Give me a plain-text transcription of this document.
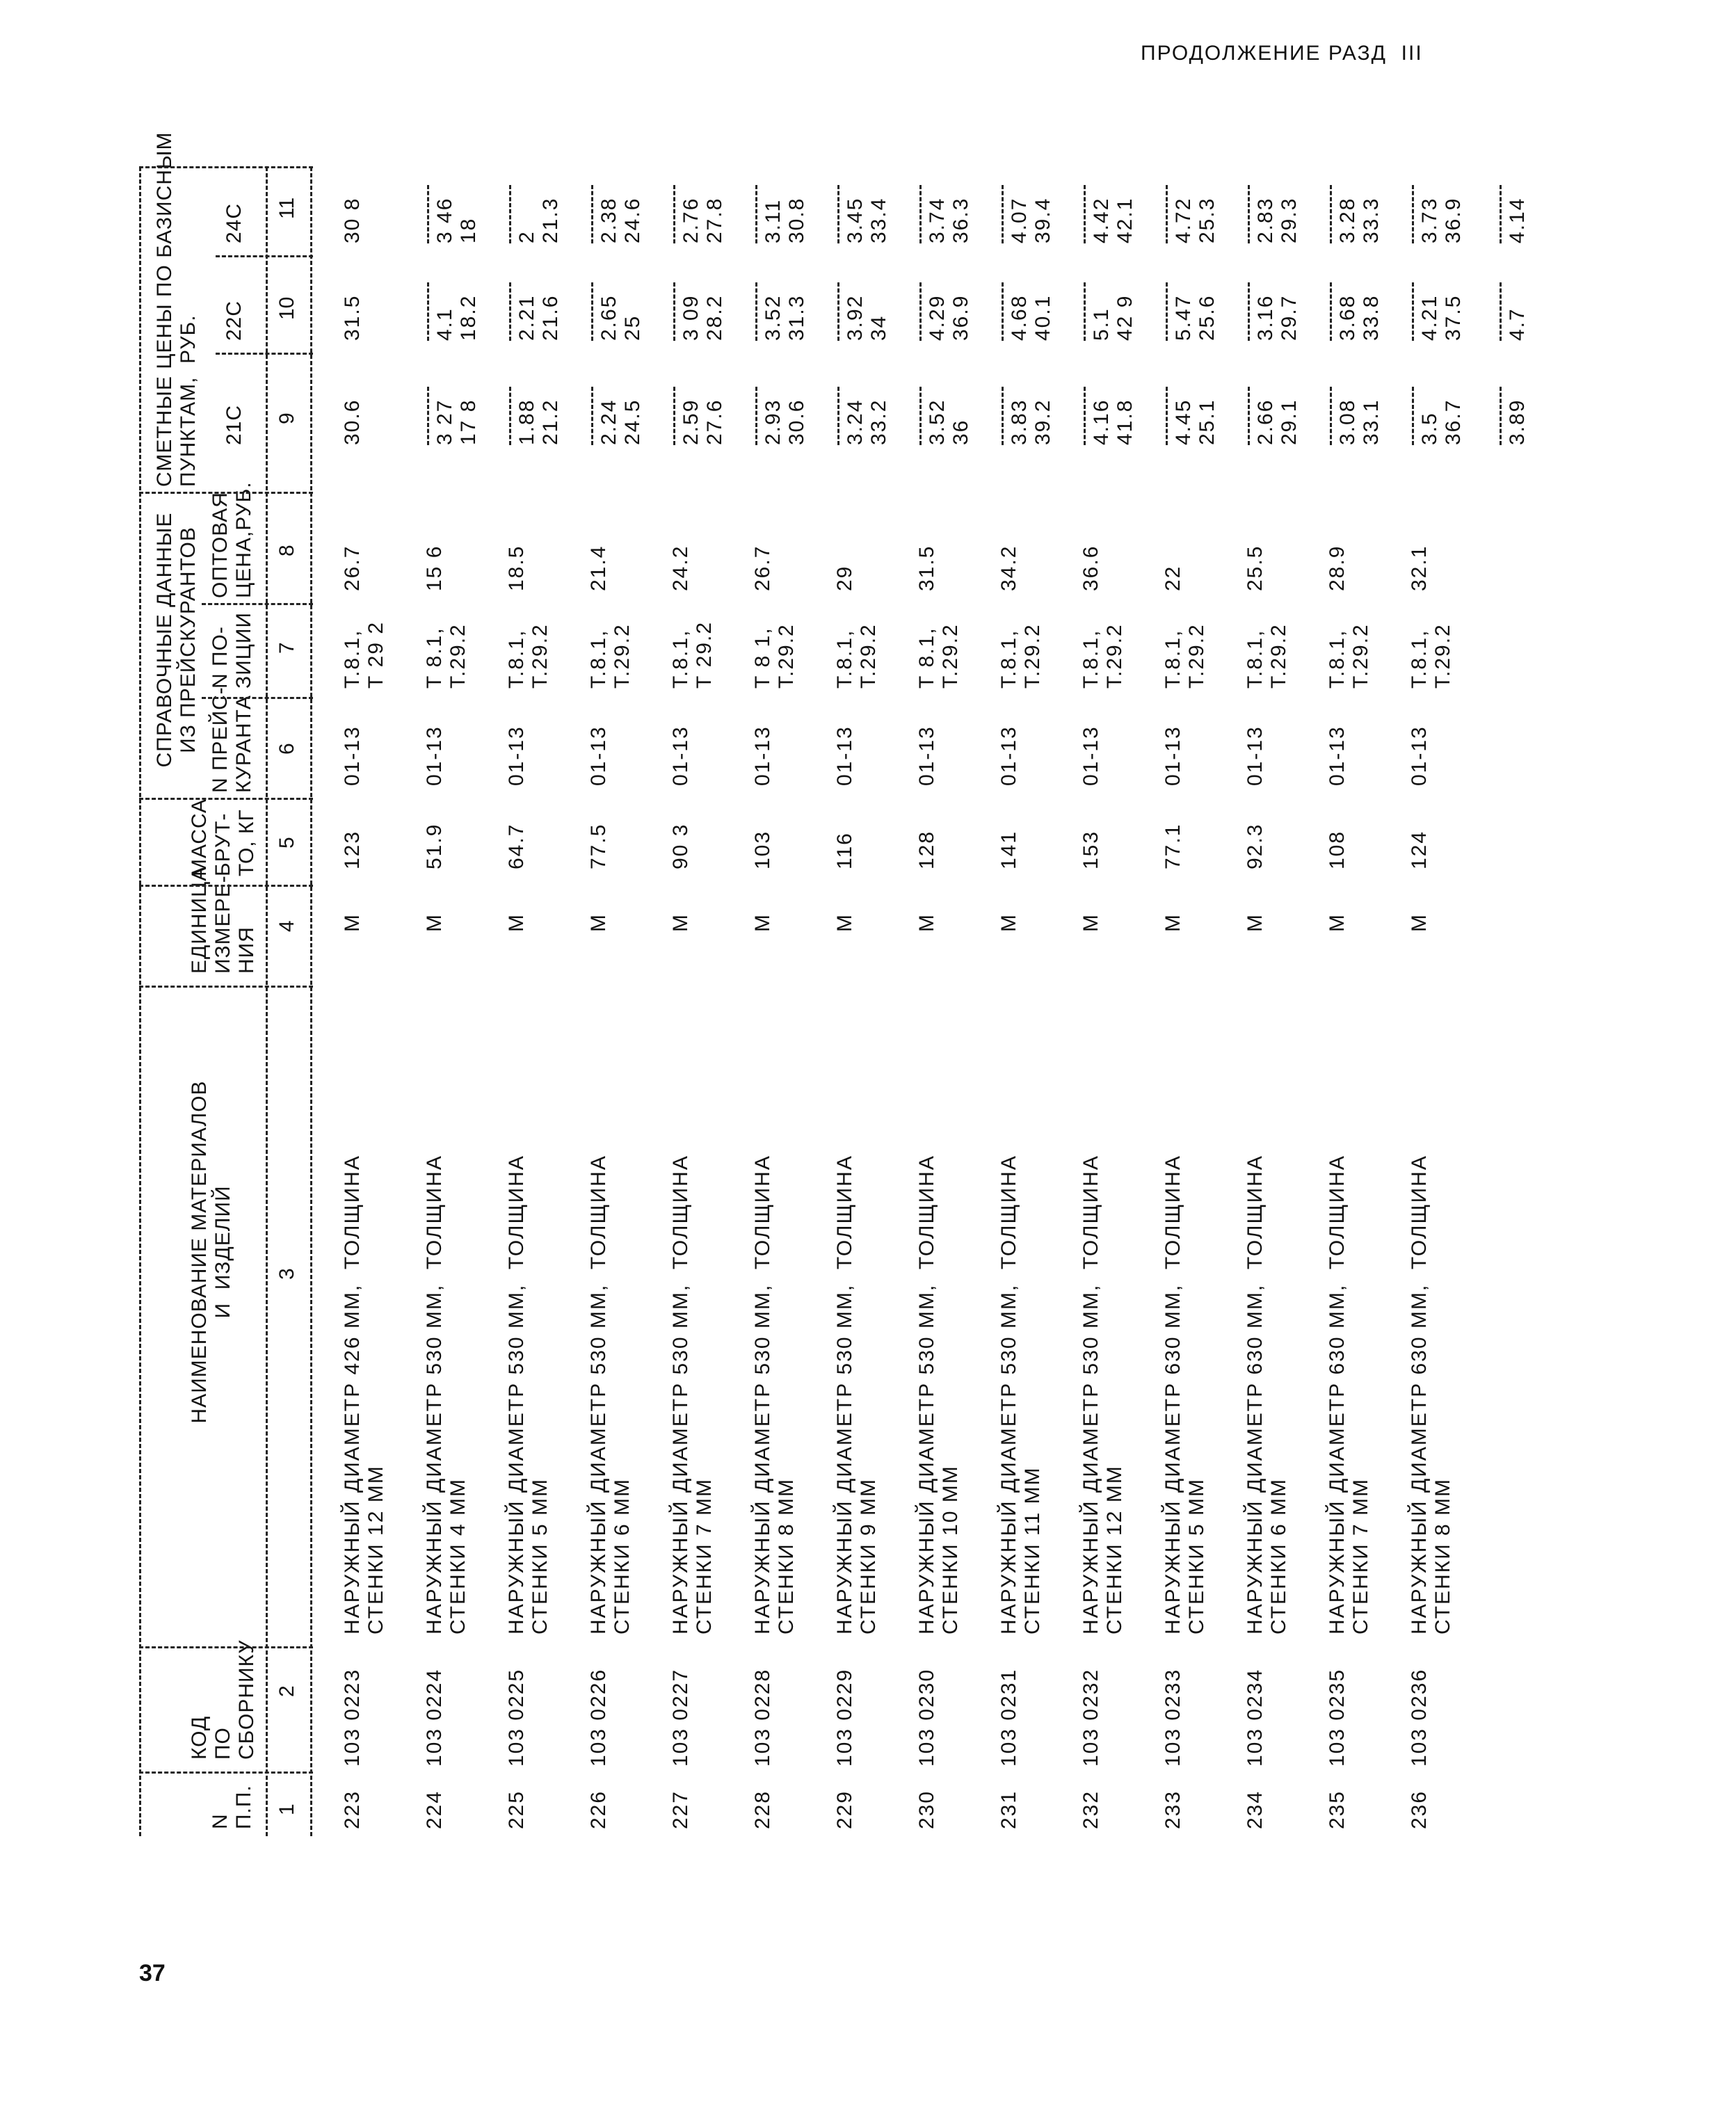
ПРОДОЛЖЕНИЕ РАЗД  III
N
П.П.
КОД
ПО
СБОРНИКУ
НАИМЕНОВАНИЕ МАТЕРИАЛОВ
И  ИЗДЕЛИЙ
ЕДИНИЦА
ИЗМЕРЕ-
НИЯ
МАССА
БРУТ-
ТО, КГ
СПРАВОЧНЫЕ ДАННЫЕ
ИЗ ПРЕЙСКУРАНТОВ
N ПРЕЙС-
КУРАНТА
N ПО-
ЗИЦИИ
ОПТОВАЯ
ЦЕНА,РУБ.
СМЕТНЫЕ ЦЕНЫ ПО БАЗИСНЫМ
ПУНКТАМ,  РУБ.
21С
22С
24С
1
2
3
4
5
6
7
8
9
10
11
223
103 0223
НАРУЖНЫЙ ДИАМЕТР 426 ММ,  ТОЛЩИНА
СТЕНКИ 12 ММ
М
123
01-13
Т.8.1,
Т 29 2
26.7
30.6

31.5

30 8

224
103 0224
НАРУЖНЫЙ ДИАМЕТР 530 ММ,  ТОЛЩИНА
СТЕНКИ 4 ММ
М
51.9
01-13
Т 8.1,
Т.29.2
15 6
3 27
17 8
4.1
18.2
3 46
18
225
103 0225
НАРУЖНЫЙ ДИАМЕТР 530 ММ,  ТОЛЩИНА
СТЕНКИ 5 ММ
М
64.7
01-13
Т.8.1,
Т.29.2
18.5
1.88
21.2
2.21
21.6
2
21.3
226
103 0226
НАРУЖНЫЙ ДИАМЕТР 530 ММ,  ТОЛЩИНА
СТЕНКИ 6 ММ
М
77.5
01-13
Т.8.1,
Т.29.2
21.4
2.24
24.5
2.65
25
2.38
24.6
227
103 0227
НАРУЖНЫЙ ДИАМЕТР 530 ММ,  ТОЛЩИНА
СТЕНКИ 7 ММ
М
90 3
01-13
Т.8.1,
Т 29.2
24.2
2.59
27.6
3 09
28.2
2.76
27.8
228
103 0228
НАРУЖНЫЙ ДИАМЕТР 530 ММ,  ТОЛЩИНА
СТЕНКИ 8 ММ
М
103
01-13
Т 8 1,
Т.29.2
26.7
2.93
30.6
3.52
31.3
3.11
30.8
229
103 0229
НАРУЖНЫЙ ДИАМЕТР 530 ММ,  ТОЛЩИНА
СТЕНКИ 9 ММ
М
116
01-13
Т.8.1,
Т.29.2
29
3.24
33.2
3.92
34
3.45
33.4
230
103 0230
НАРУЖНЫЙ ДИАМЕТР 530 ММ,  ТОЛЩИНА
СТЕНКИ 10 ММ
М
128
01-13
Т 8.1,
Т.29.2
31.5
3.52
36
4.29
36.9
3.74
36.3
231
103 0231
НАРУЖНЫЙ ДИАМЕТР 530 ММ,  ТОЛЩИНА
СТЕНКИ 11 ММ
М
141
01-13
Т.8.1,
Т.29.2
34.2
3.83
39.2
4.68
40.1
4.07
39.4
232
103 0232
НАРУЖНЫЙ ДИАМЕТР 530 ММ,  ТОЛЩИНА
СТЕНКИ 12 ММ
М
153
01-13
Т.8.1,
Т.29.2
36.6
4.16
41.8
5.1
42 9
4.42
42.1
233
103 0233
НАРУЖНЫЙ ДИАМЕТР 630 ММ,  ТОЛЩИНА
СТЕНКИ 5 ММ
М
77.1
01-13
Т.8.1,
Т.29.2
22
4.45
25.1
5.47
25.6
4.72
25.3
234
103 0234
НАРУЖНЫЙ ДИАМЕТР 630 ММ,  ТОЛЩИНА
СТЕНКИ 6 ММ
М
92.3
01-13
Т.8.1,
Т.29.2
25.5
2.66
29.1
3.16
29.7
2.83
29.3
235
103 0235
НАРУЖНЫЙ ДИАМЕТР 630 ММ,  ТОЛЩИНА
СТЕНКИ 7 ММ
М
108
01-13
Т.8.1,
Т.29.2
28.9
3.08
33.1
3.68
33.8
3.28
33.3
236
103 0236
НАРУЖНЫЙ ДИАМЕТР 630 ММ,  ТОЛЩИНА
СТЕНКИ 8 ММ
М
124
01-13
Т.8.1,
Т.29.2
32.1
3.5
36.7
4.21
37.5
3.73
36.9
3.89
4.7
4.14
37
